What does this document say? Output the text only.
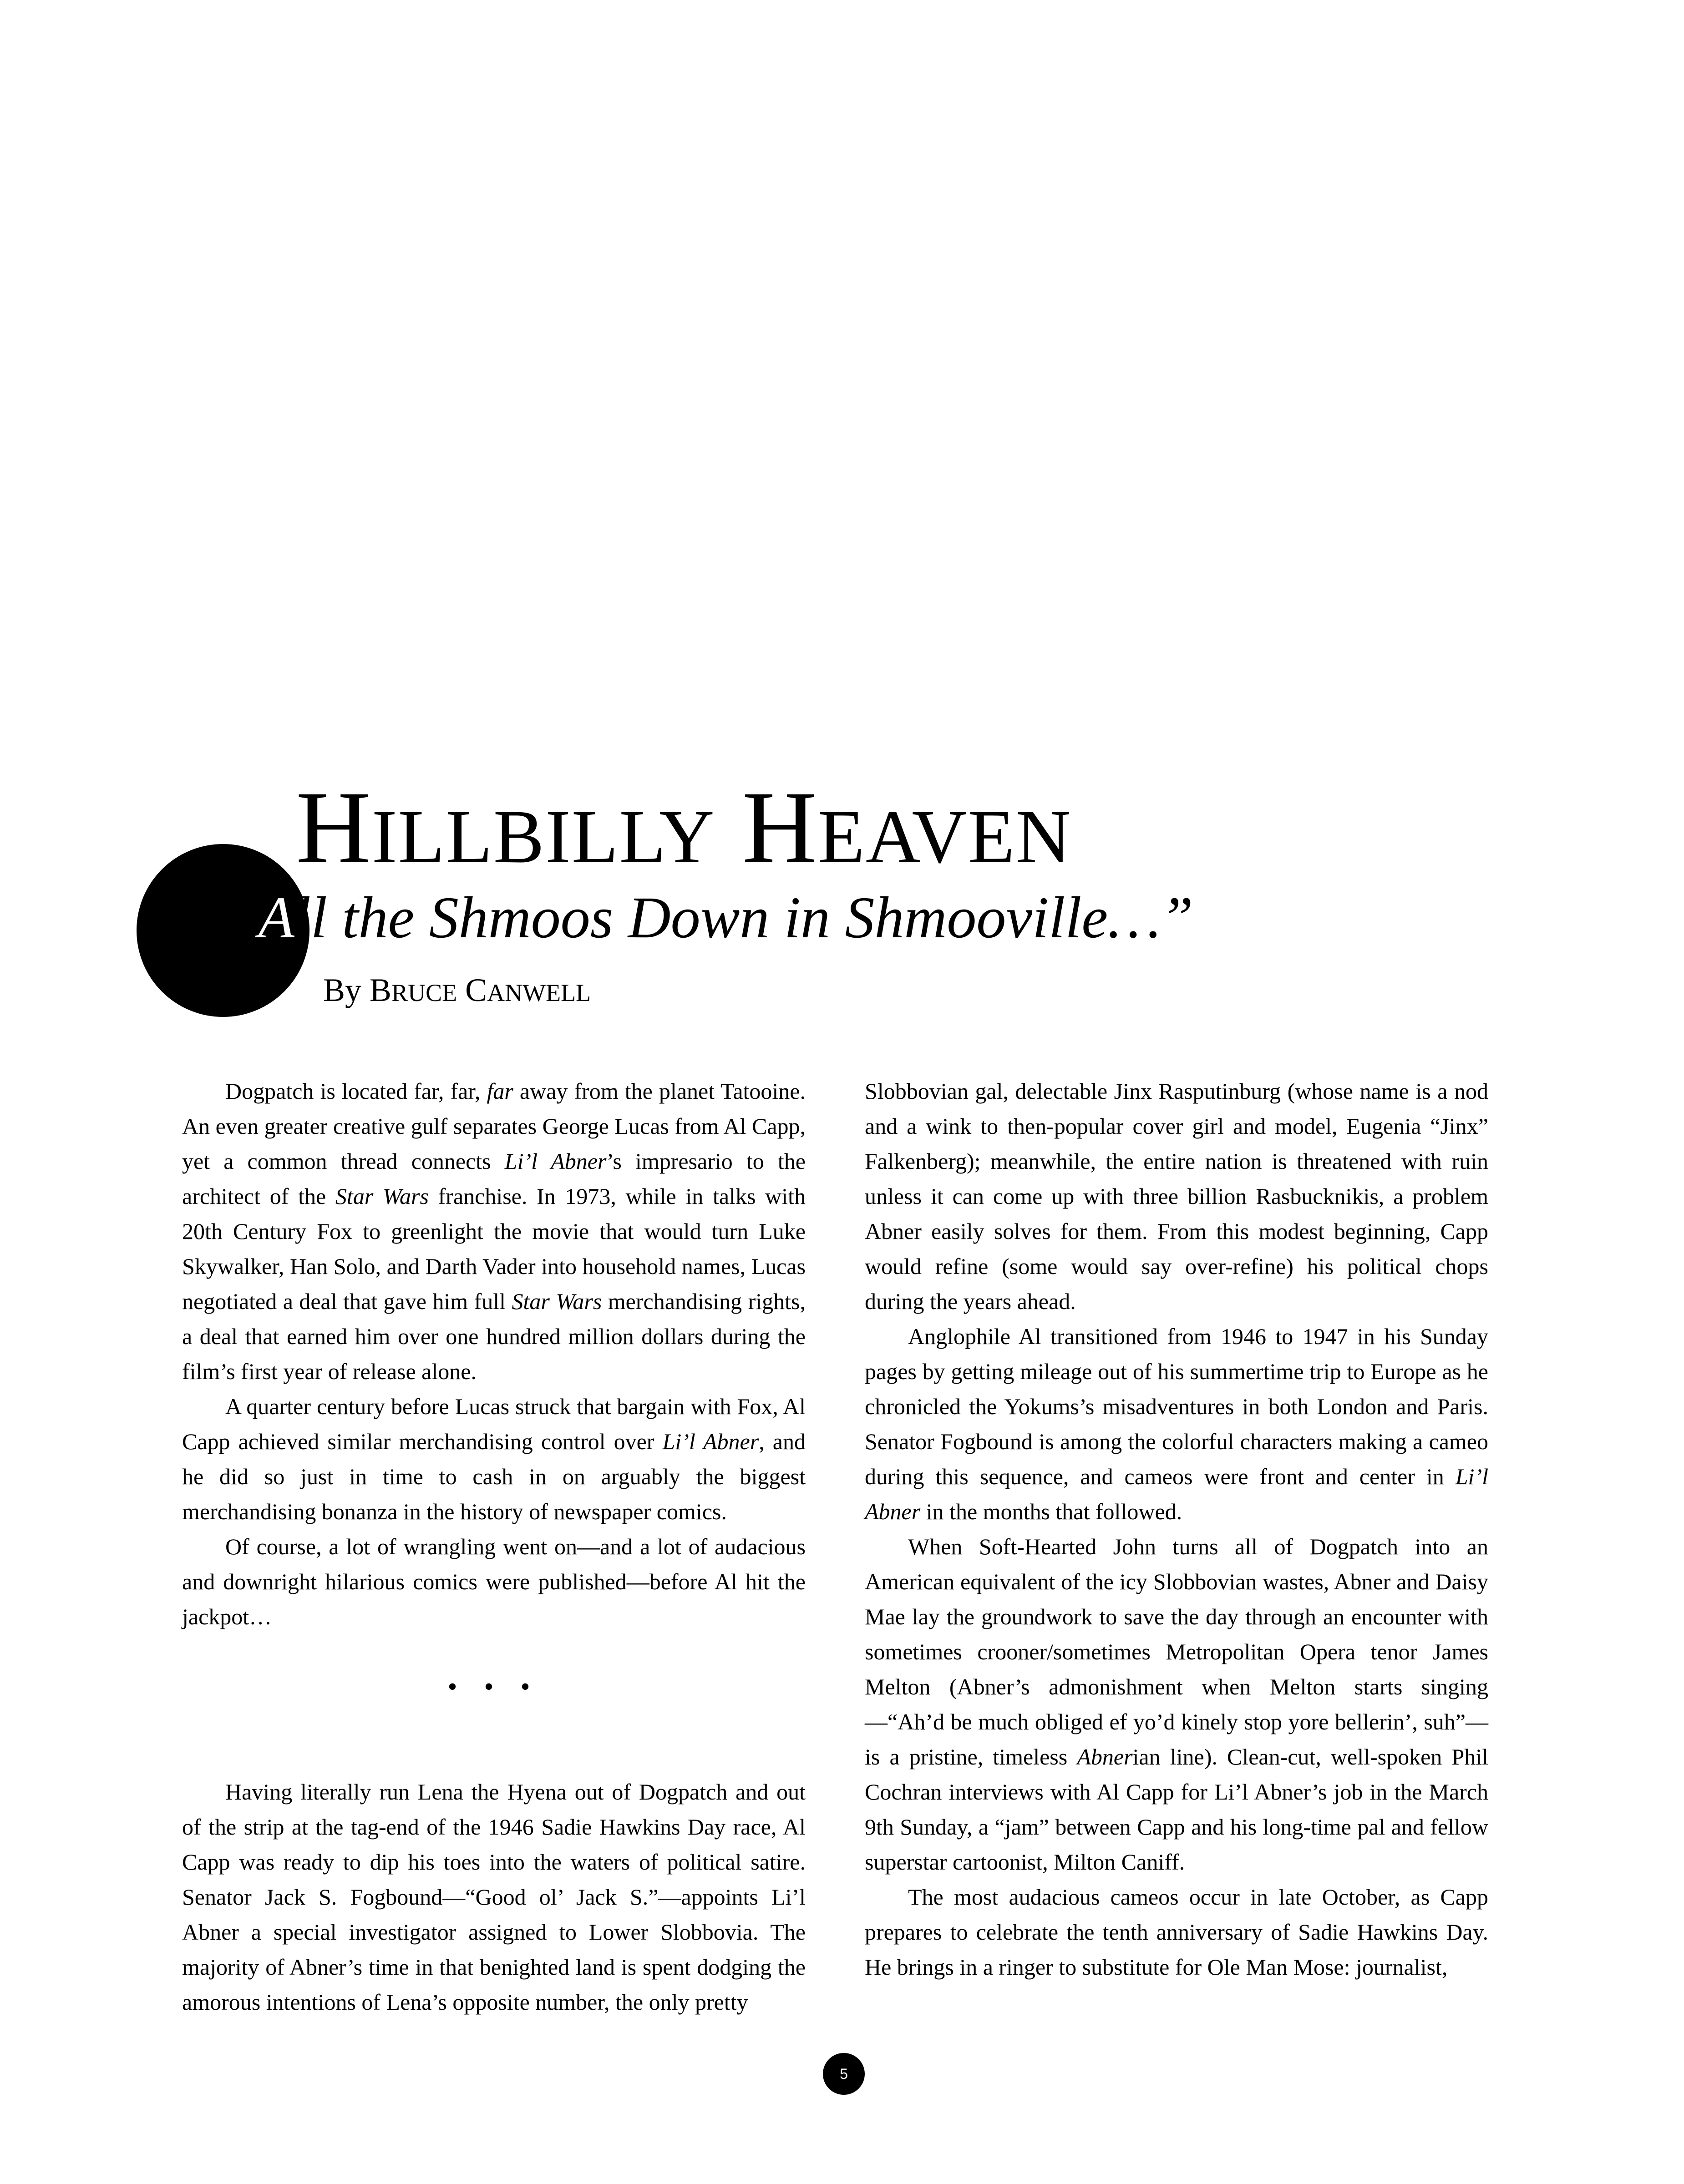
HILLBILLY HEAVEN
“All the Shmoos Down in Shmooville…”
By BRUCE CANWELL

Dogpatch is located far, far, far away from the planet Tatooine. An even greater creative gulf separates George Lucas from Al Capp, yet a common thread connects Li’l Abner’s impresario to the architect of the Star Wars franchise. In 1973, while in talks with 20th Century Fox to greenlight the movie that would turn Luke Skywalker, Han Solo, and Darth Vader into household names, Lucas negotiated a deal that gave him full Star Wars merchandising rights, a deal that earned him over one hundred million dollars during the film’s first year of release alone.

A quarter century before Lucas struck that bargain with Fox, Al Capp achieved similar merchandising control over Li’l Abner, and he did so just in time to cash in on arguably the biggest merchandising bonanza in the history of newspaper comics.

Of course, a lot of wrangling went on—and a lot of audacious and downright hilarious comics were published—before Al hit the jackpot…

• • •

Having literally run Lena the Hyena out of Dogpatch and out of the strip at the tag-end of the 1946 Sadie Hawkins Day race, Al Capp was ready to dip his toes into the waters of political satire. Senator Jack S. Fogbound—“Good ol’ Jack S.”—appoints Li’l Abner a special investigator assigned to Lower Slobbovia. The majority of Abner’s time in that benighted land is spent dodging the amorous intentions of Lena’s opposite number, the only pretty

Slobbovian gal, delectable Jinx Rasputinburg (whose name is a nod and a wink to then-popular cover girl and model, Eugenia “Jinx” Falkenberg); meanwhile, the entire nation is threatened with ruin unless it can come up with three billion Rasbucknikis, a problem Abner easily solves for them. From this modest beginning, Capp would refine (some would say over-refine) his political chops during the years ahead.

Anglophile Al transitioned from 1946 to 1947 in his Sunday pages by getting mileage out of his summertime trip to Europe as he chronicled the Yokums’s misadventures in both London and Paris. Senator Fogbound is among the colorful characters making a cameo during this sequence, and cameos were front and center in Li’l Abner in the months that followed.

When Soft-Hearted John turns all of Dogpatch into an American equivalent of the icy Slobbovian wastes, Abner and Daisy Mae lay the groundwork to save the day through an encounter with sometimes crooner/sometimes Metropolitan Opera tenor James Melton (Abner’s admonishment when Melton starts singing—“Ah’d be much obliged ef yo’d kinely stop yore bellerin’, suh”—is a pristine, timeless Abnerian line). Clean-cut, well-spoken Phil Cochran interviews with Al Capp for Li’l Abner’s job in the March 9th Sunday, a “jam” between Capp and his long-time pal and fellow superstar cartoonist, Milton Caniff.

The most audacious cameos occur in late October, as Capp prepares to celebrate the tenth anniversary of Sadie Hawkins Day. He brings in a ringer to substitute for Ole Man Mose: journalist,

5
